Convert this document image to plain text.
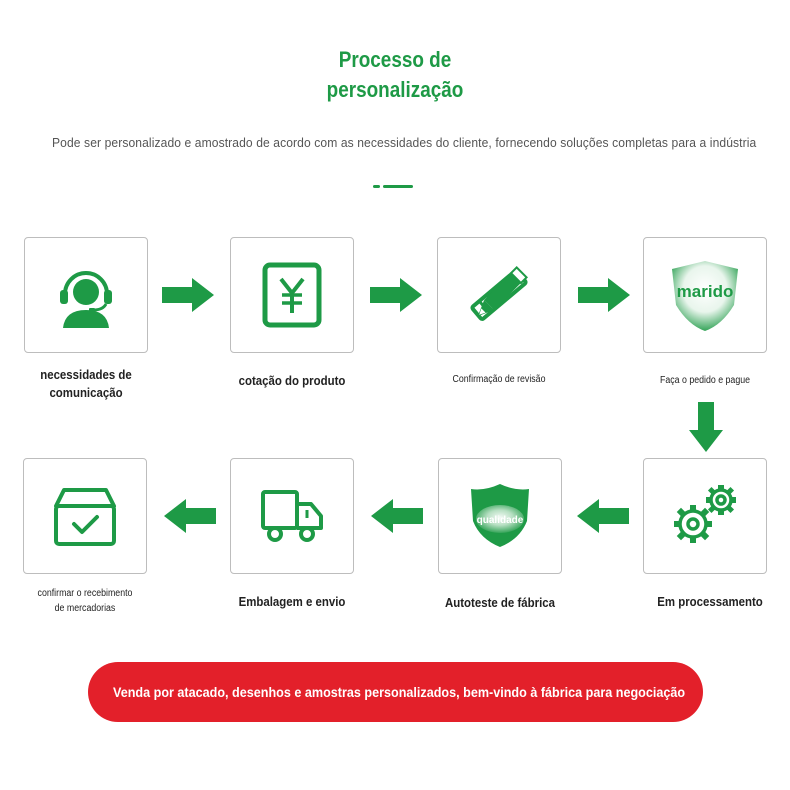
Processo de
personalização
Pode ser personalizado e amostrado de acordo com as necessidades do cliente, fornecendo soluções completas para a indústria
marido
necessidades de
comunicação
cotação do produto	Confirmação de revisão	Faça o pedido e pague
qualidade
confirmar o recebimento
de mercadorias	Embalagem e envio	Autoteste de fábrica	Em processamento
Venda por atacado, desenhos e amostras personalizados, bem-vindo à fábrica para negociação
